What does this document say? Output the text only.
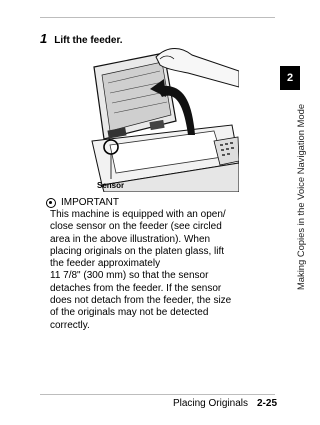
1 Lift the feeder.
Sensor
IMPORTANT
This machine is equipped with an open/
close sensor on the feeder (see circled
area in the above illustration). When
placing originals on the platen glass, lift
the feeder approximately
11 7/8" (300 mm) so that the sensor
detaches from the feeder. If the sensor
does not detach from the feeder, the size
of the originals may not be detected
correctly.
2
Making Copies in the Voice Navigation Mode
Placing Originals 2-25
